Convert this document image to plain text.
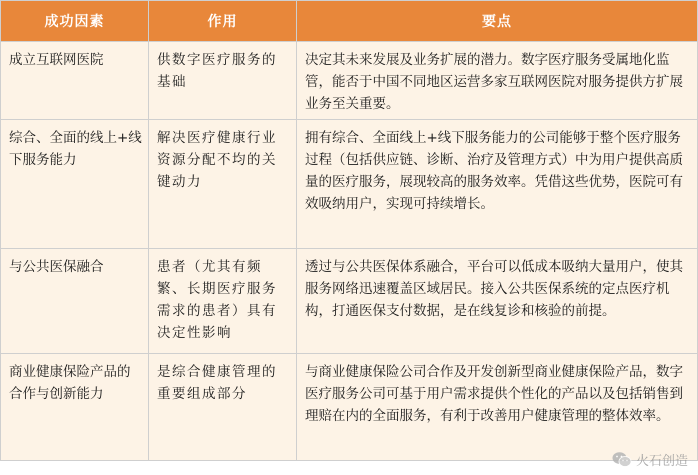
成功因素	作用	要点

成立互联网医院	供数字医疗服务的基础	决定其未来发展及业务扩展的潜力。数字医疗服务受属地化监管，能否于中国不同地区运营多家互联网医院对服务提供方扩展业务至关重要。

综合、全面的线上+线下服务能力	解决医疗健康行业资源分配不均的关键动力	拥有综合、全面线上+线下服务能力的公司能够于整个医疗服务过程（包括供应链、诊断、治疗及管理方式）中为用户提供高质量的医疗服务，展现较高的服务效率。凭借这些优势，医院可有效吸纳用户，实现可持续增长。

与公共医保融合	患者（尤其有频繁、长期医疗服务需求的患者）具有决定性影响	透过与公共医保体系融合，平台可以低成本吸纳大量用户，使其服务网络迅速覆盖区域居民。接入公共医保系统的定点医疗机构，打通医保支付数据，是在线复诊和核验的前提。

商业健康保险产品的合作与创新能力	是综合健康管理的重要组成部分	与商业健康保险公司合作及开发创新型商业健康保险产品，数字医疗服务公司可基于用户需求提供个性化的产品以及包括销售到理赔在内的全面服务，有利于改善用户健康管理的整体效率。
火石创造
